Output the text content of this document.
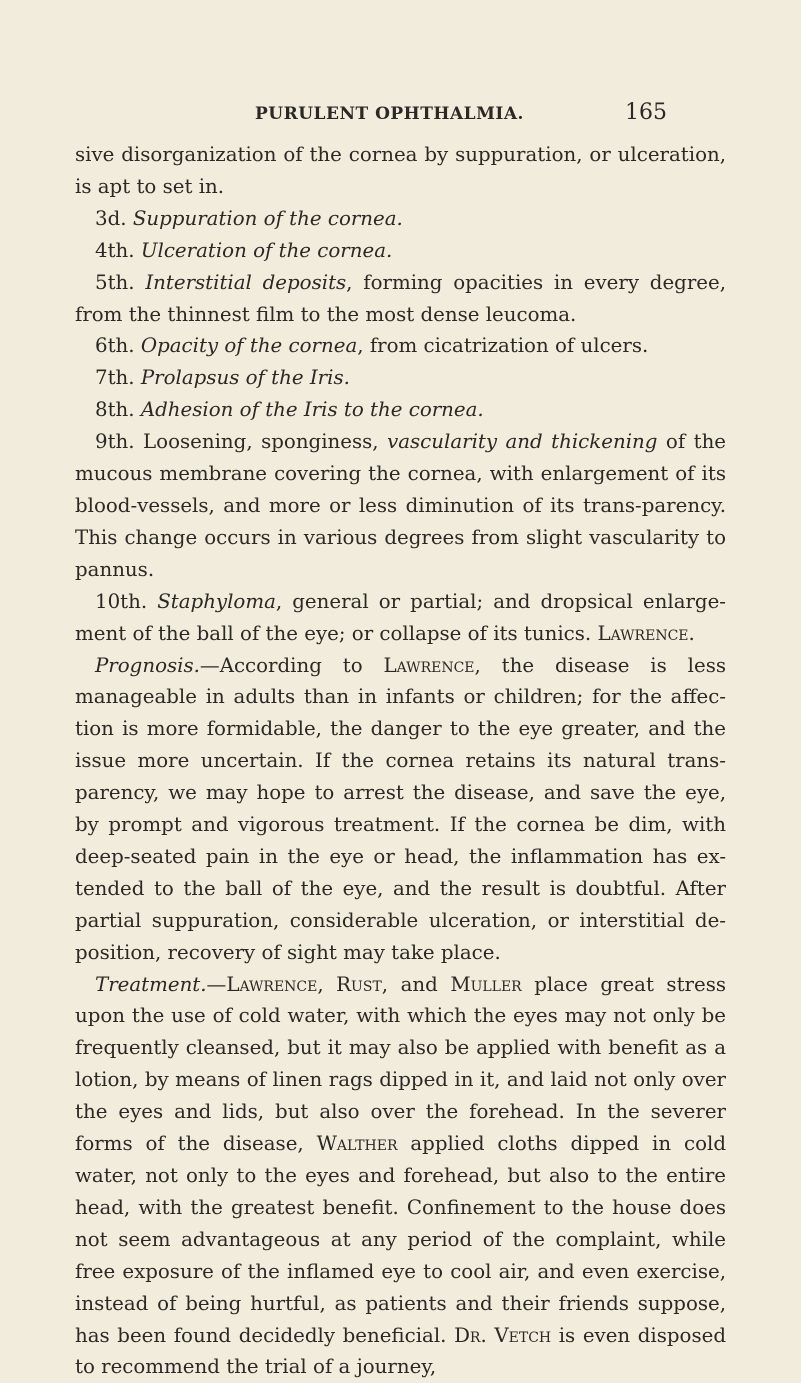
PURULENT OPHTHALMIA.	165

sive disorganization of the cornea by suppuration, or ulceration, is apt to set in.

3d. Suppuration of the cornea.

4th. Ulceration of the cornea.

5th. Interstitial deposits, forming opacities in every degree, from the thinnest film to the most dense leucoma.

6th. Opacity of the cornea, from cicatrization of ulcers.

7th. Prolapsus of the Iris.

8th. Adhesion of the Iris to the cornea.

9th. Loosening, sponginess, vascularity and thickening of the mucous membrane covering the cornea, with enlargement of its blood-vessels, and more or less diminution of its trans-parency. This change occurs in various degrees from slight vascularity to pannus.

10th. Staphyloma, general or partial; and dropsical enlarge-ment of the ball of the eye; or collapse of its tunics. Lawrence.

Prognosis.—According to Lawrence, the disease is less manageable in adults than in infants or children; for the affec-tion is more formidable, the danger to the eye greater, and the issue more uncertain. If the cornea retains its natural trans-parency, we may hope to arrest the disease, and save the eye, by prompt and vigorous treatment. If the cornea be dim, with deep-seated pain in the eye or head, the inflammation has ex-tended to the ball of the eye, and the result is doubtful. After partial suppuration, considerable ulceration, or interstitial de-position, recovery of sight may take place.

Treatment.—Lawrence, Rust, and Muller place great stress upon the use of cold water, with which the eyes may not only be frequently cleansed, but it may also be applied with benefit as a lotion, by means of linen rags dipped in it, and laid not only over the eyes and lids, but also over the forehead. In the severer forms of the disease, Walther applied cloths dipped in cold water, not only to the eyes and forehead, but also to the entire head, with the greatest benefit. Confinement to the house does not seem advantageous at any period of the complaint, while free exposure of the inflamed eye to cool air, and even exercise, instead of being hurtful, as patients and their friends suppose, has been found decidedly beneficial. Dr. Vetch is even disposed to recommend the trial of a journey,
